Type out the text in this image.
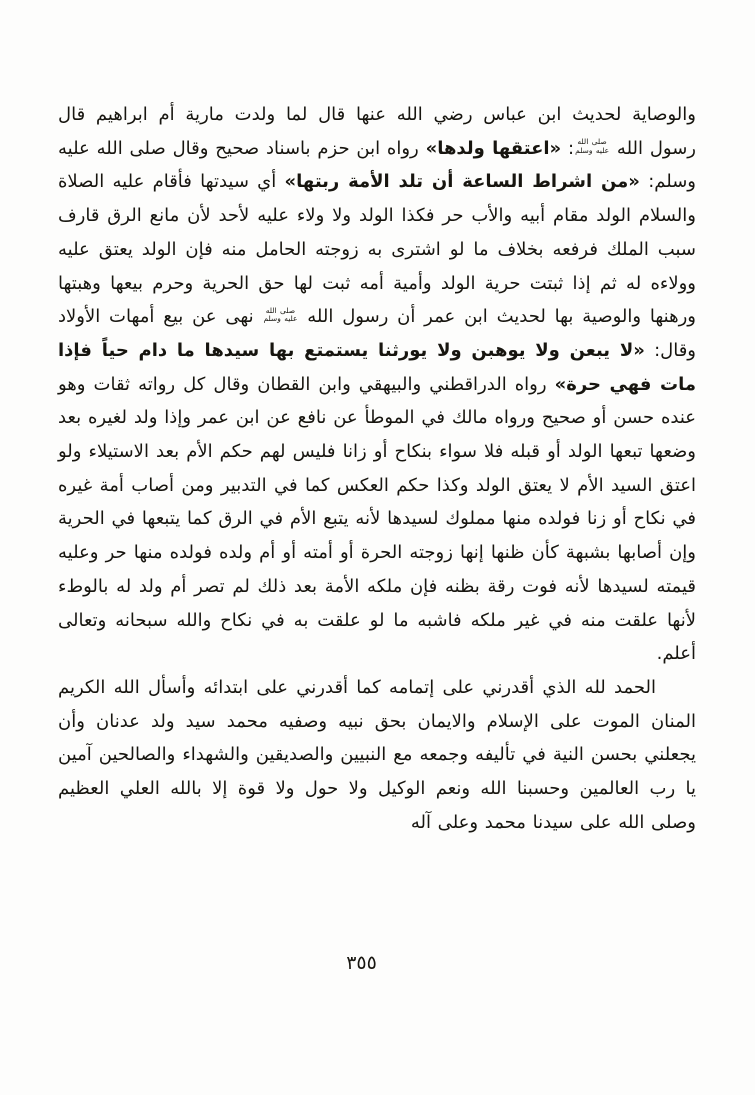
والوصاية لحديث ابن عباس رضي الله عنها قال لما ولدت مارية أم ابراهيم قال رسول الله
صلى الله
عليه وسلم
: «اعتقها ولدها» رواه ابن حزم باسناد صحيح وقال صلى الله عليه وسلم: «من اشراط الساعة أن تلد الأمة ربتها» أي سيدتها فأقام عليه الصلاة والسلام الولد مقام أبيه والأب حر فكذا الولد ولا ولاء عليه لأحد لأن مانع الرق قارف سبب الملك فرفعه بخلاف ما لو اشترى به زوجته الحامل منه فإن الولد يعتق عليه وولاءه له ثم إذا ثبتت حرية الولد وأمية أمه ثبت لها حق الحرية وحرم بيعها وهبتها ورهنها والوصية بها لحديث ابن عمر أن رسول الله
صلى الله
عليه وسلم
نهى عن بيع أمهات الأولاد وقال: «لا يبعن ولا يوهبن ولا يورثنا يستمتع بها سيدها ما دام حياً فإذا مات فهي حرة» رواه الدراقطني والبيهقي وابن القطان وقال كل رواته ثقات وهو عنده حسن أو صحيح ورواه مالك في الموطأ عن نافع عن ابن عمر وإذا ولد لغيره بعد وضعها تبعها الولد أو قبله فلا سواء بنكاح أو زانا فليس لهم حكم الأم بعد الاستيلاء ولو اعتق السيد الأم لا يعتق الولد وكذا حكم العكس كما في التدبير ومن أصاب أمة غيره في نكاح أو زنا فولده منها مملوك لسيدها لأنه يتبع الأم في الرق كما يتبعها في الحرية وإن أصابها بشبهة كأن ظنها إنها زوجته الحرة أو أمته أو أم ولده فولده منها حر وعليه قيمته لسيدها لأنه فوت رقة بظنه فإن ملكه الأمة بعد ذلك لم تصر أم ولد له بالوطء لأنها علقت منه في غير ملكه فاشبه ما لو علقت به في نكاح والله سبحانه وتعالى أعلم.

الحمد لله الذي أقدرني على إتمامه كما أقدرني على ابتدائه وأسأل الله الكريم المنان الموت على الإسلام والايمان بحق نبيه وصفيه محمد سيد ولد عدنان وأن يجعلني بحسن النية في تأليفه وجمعه مع النبيين والصديقين والشهداء والصالحين آمين يا رب العالمين وحسبنا الله ونعم الوكيل ولا حول ولا قوة إلا بالله العلي العظيم وصلى الله على سيدنا محمد وعلى آله

٣٥٥
